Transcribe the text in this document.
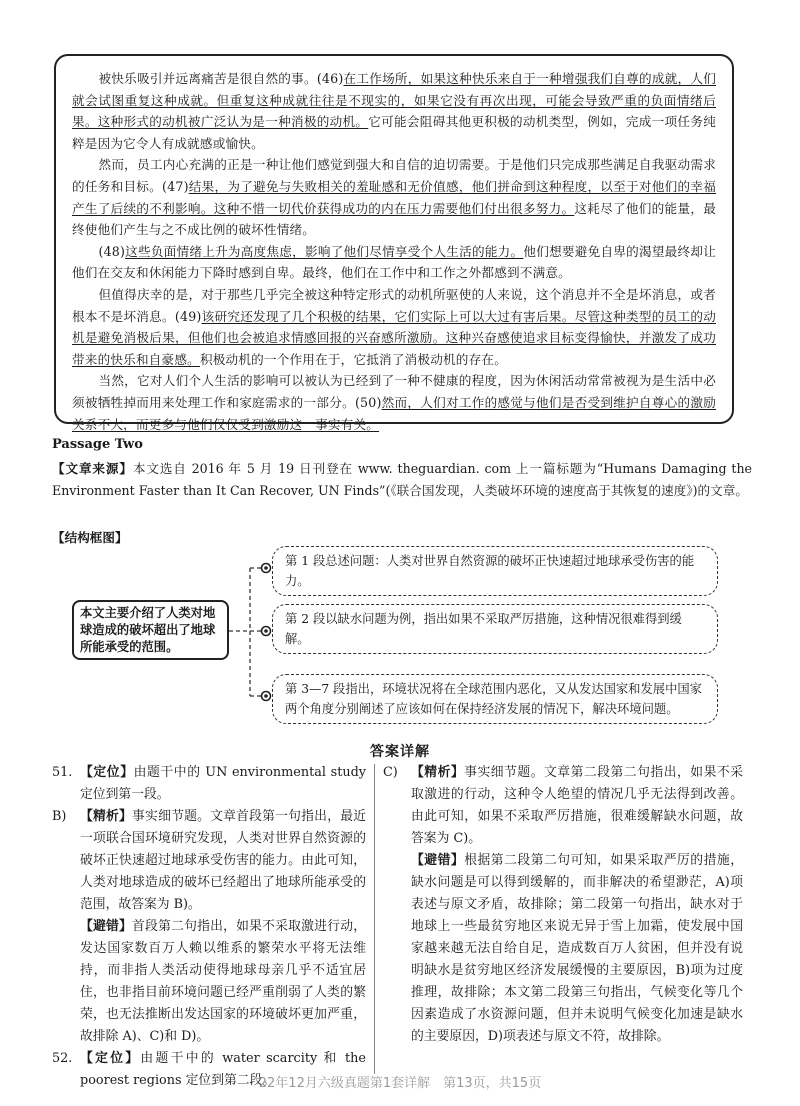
被快乐吸引并远离痛苦是很自然的事。(46)在工作场所，如果这种快乐来自于一种增强我们自尊的成就，人们就会试图重复这种成就。但重复这种成就往往是不现实的，如果它没有再次出现，可能会导致严重的负面情绪后果。这种形式的动机被广泛认为是一种消极的动机。它可能会阻碍其他更积极的动机类型，例如，完成一项任务纯粹是因为它令人有成就感或愉快。

然而，员工内心充满的正是一种让他们感觉到强大和自信的迫切需要。于是他们只完成那些满足自我驱动需求的任务和目标。(47)结果，为了避免与失败相关的羞耻感和无价值感，他们拼命到这种程度，以至于对他们的幸福产生了后续的不利影响。这种不惜一切代价获得成功的内在压力需要他们付出很多努力。这耗尽了他们的能量，最终使他们产生与之不成比例的破坏性情绪。

(48)这些负面情绪上升为高度焦虑，影响了他们尽情享受个人生活的能力。他们想要避免自卑的渴望最终却让他们在交友和休闲能力下降时感到自卑。最终，他们在工作中和工作之外都感到不满意。

但值得庆幸的是，对于那些几乎完全被这种特定形式的动机所驱使的人来说，这个消息并不全是坏消息，或者根本不是坏消息。(49)该研究还发现了几个积极的结果，它们实际上可以大过有害后果。尽管这种类型的员工的动机是避免消极后果，但他们也会被追求情感回报的兴奋感所激励。这种兴奋感使追求目标变得愉快，并激发了成功带来的快乐和自豪感。积极动机的一个作用在于，它抵消了消极动机的存在。

当然，它对人们个人生活的影响可以被认为已经到了一种不健康的程度，因为休闲活动常常被视为是生活中必须被牺牲掉而用来处理工作和家庭需求的一部分。(50)然而，人们对工作的感觉与他们是否受到维护自尊心的激励关系不大，而更多与他们仅仅受到激励这一事实有关。

Passage Two
【文章来源】本文选自 2016 年 5 月 19 日刊登在 www. theguardian. com 上一篇标题为“Humans Damaging the Environment Faster than It Can Recover, UN Finds”(《联合国发现，人类破坏环境的速度高于其恢复的速度》)的文章。
【结构框图】
本文主要介绍了人类对地球造成的破坏超出了地球所能承受的范围。
第 1 段总述问题：人类对世界自然资源的破坏正快速超过地球承受伤害的能力。
第 2 段以缺水问题为例，指出如果不采取严厉措施，这种情况很难得到缓解。
第 3—7 段指出，环境状况将在全球范围内恶化，又从发达国家和发展中国家两个角度分别阐述了应该如何在保持经济发展的情况下，解决环境问题。
答案详解
51. 【定位】由题干中的 UN environmental study 定位到第一段。

B)	【精析】事实细节题。文章首段第一句指出，最近一项联合国环境研究发现，人类对世界自然资源的破坏正快速超过地球承受伤害的能力。由此可知，人类对地球造成的破坏已经超出了地球所能承受的范围，故答案为 B)。

【避错】首段第二句指出，如果不采取激进行动，发达国家数百万人赖以维系的繁荣水平将无法维持，而非指人类活动使得地球母亲几乎不适宜居住，也非指目前环境问题已经严重削弱了人类的繁荣，也无法推断出发达国家的环境破坏更加严重，故排除 A)、C)和 D)。

52. 【定位】由题干中的 water scarcity 和 the poorest regions 定位到第二段。

C)	【精析】事实细节题。文章第二段第二句指出，如果不采取激进的行动，这种令人绝望的情况几乎无法得到改善。由此可知，如果不采取严厉措施，很难缓解缺水问题，故答案为 C)。

【避错】根据第二段第二句可知，如果采取严厉的措施，缺水问题是可以得到缓解的，而非解决的希望渺茫，A)项表述与原文矛盾，故排除；第二段第一句指出，缺水对于地球上一些最贫穷地区来说无异于雪上加霜，使发展中国家越来越无法自给自足，造成数百万人贫困，但并没有说明缺水是贫穷地区经济发展缓慢的主要原因，B)项为过度推理，故排除；本文第二段第三句指出，气候变化等几个因素造成了水资源问题，但并未说明气候变化加速是缺水的主要原因，D)项表述与原文不符，故排除。

22年12月六级真题第1套详解　第13页，共15页
